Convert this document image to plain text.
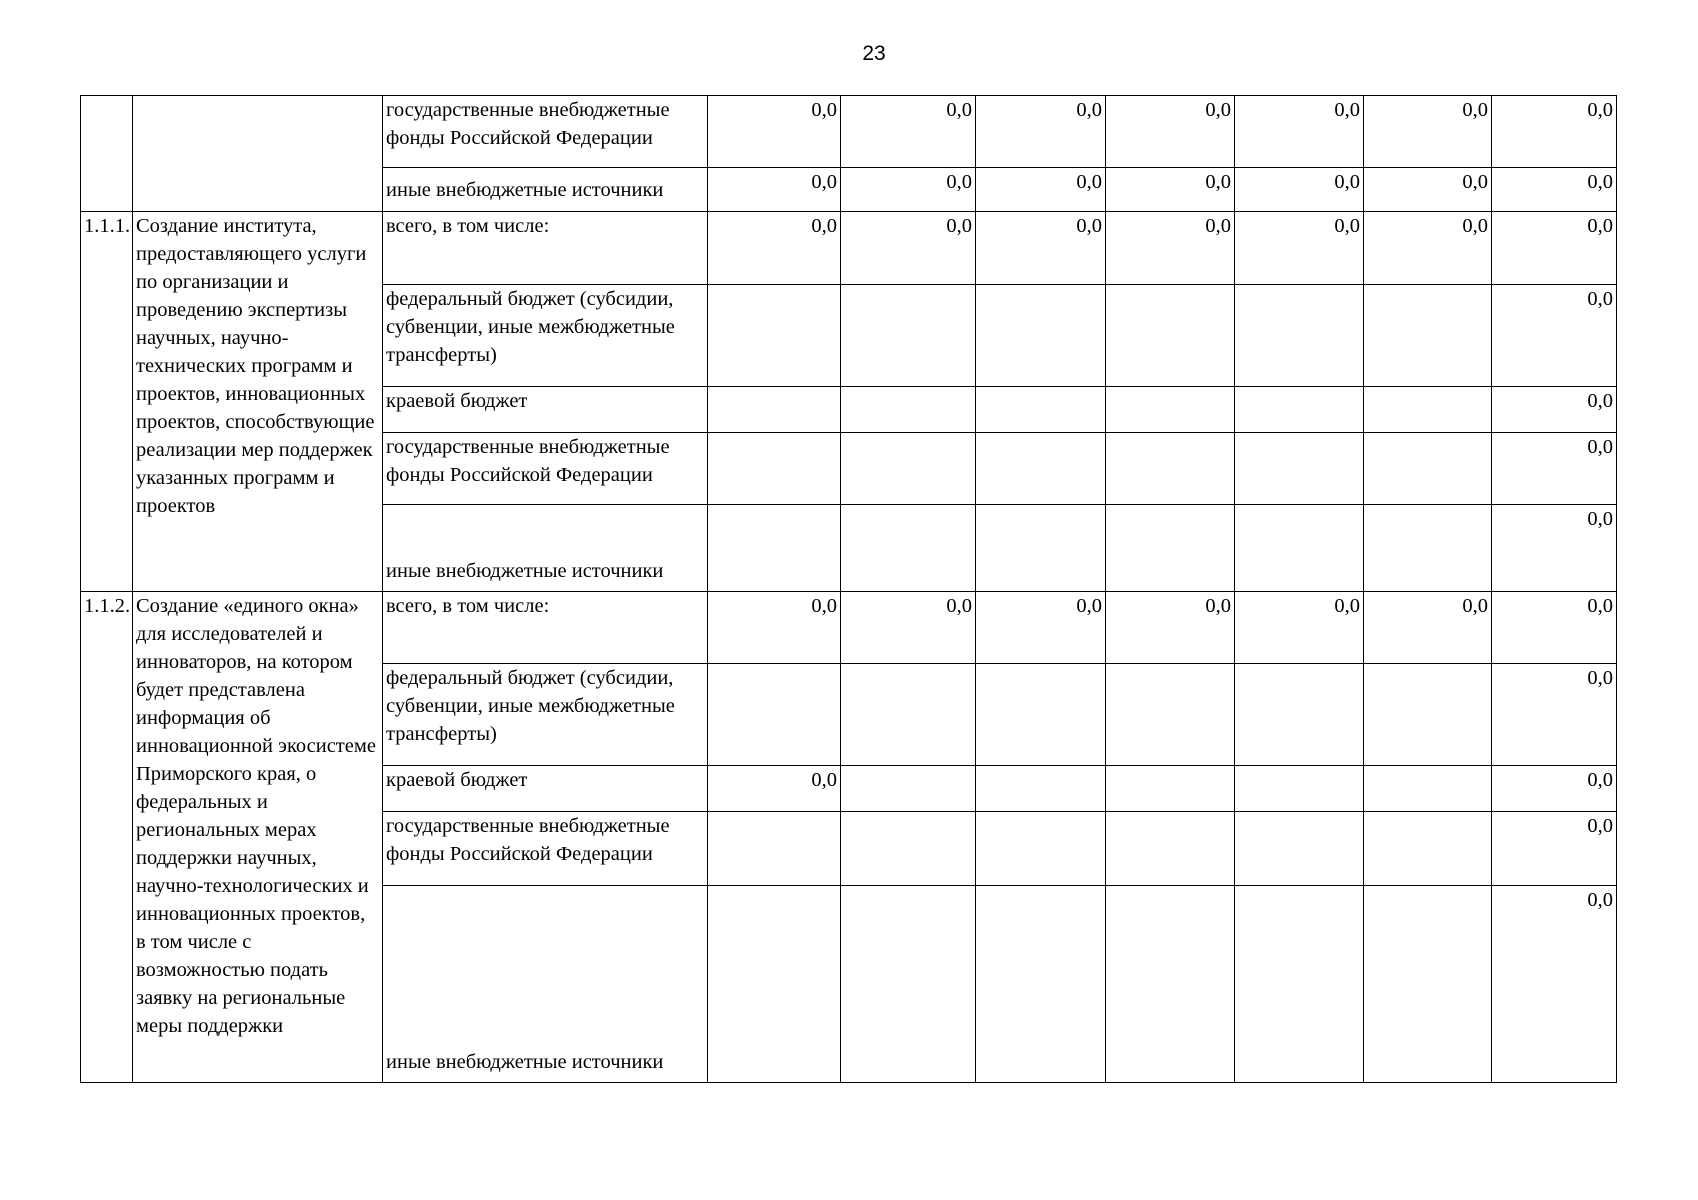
23
		государственные внебюджетные фонды Российской Федерации	0,0	0,0	0,0	0,0	0,0	0,0	0,0
		иные внебюджетные источники	0,0	0,0	0,0	0,0	0,0	0,0	0,0
1.1.1.	Создание института, предоставляющего услуги по организации и проведению экспертизы научных, научно-технических программ и проектов, инновационных проектов, способствующие реализации мер поддержек указанных программ и проектов	всего, в том числе:	0,0	0,0	0,0	0,0	0,0	0,0	0,0
		федеральный бюджет (субсидии, субвенции, иные межбюджетные трансферты)							0,0
		краевой бюджет							0,0
		государственные внебюджетные фонды Российской Федерации							0,0
		иные внебюджетные источники							0,0
1.1.2.	Создание «единого окна» для исследователей и инноваторов, на котором будет представлена информация об инновационной экосистеме Приморского края, о федеральных и региональных мерах поддержки научных, научно-технологических и инновационных проектов, в том числе с возможностью подать заявку на региональные меры поддержки	всего, в том числе:	0,0	0,0	0,0	0,0	0,0	0,0	0,0
		федеральный бюджет (субсидии, субвенции, иные межбюджетные трансферты)							0,0
		краевой бюджет	0,0						0,0
		государственные внебюджетные фонды Российской Федерации							0,0
		иные внебюджетные источники							0,0
